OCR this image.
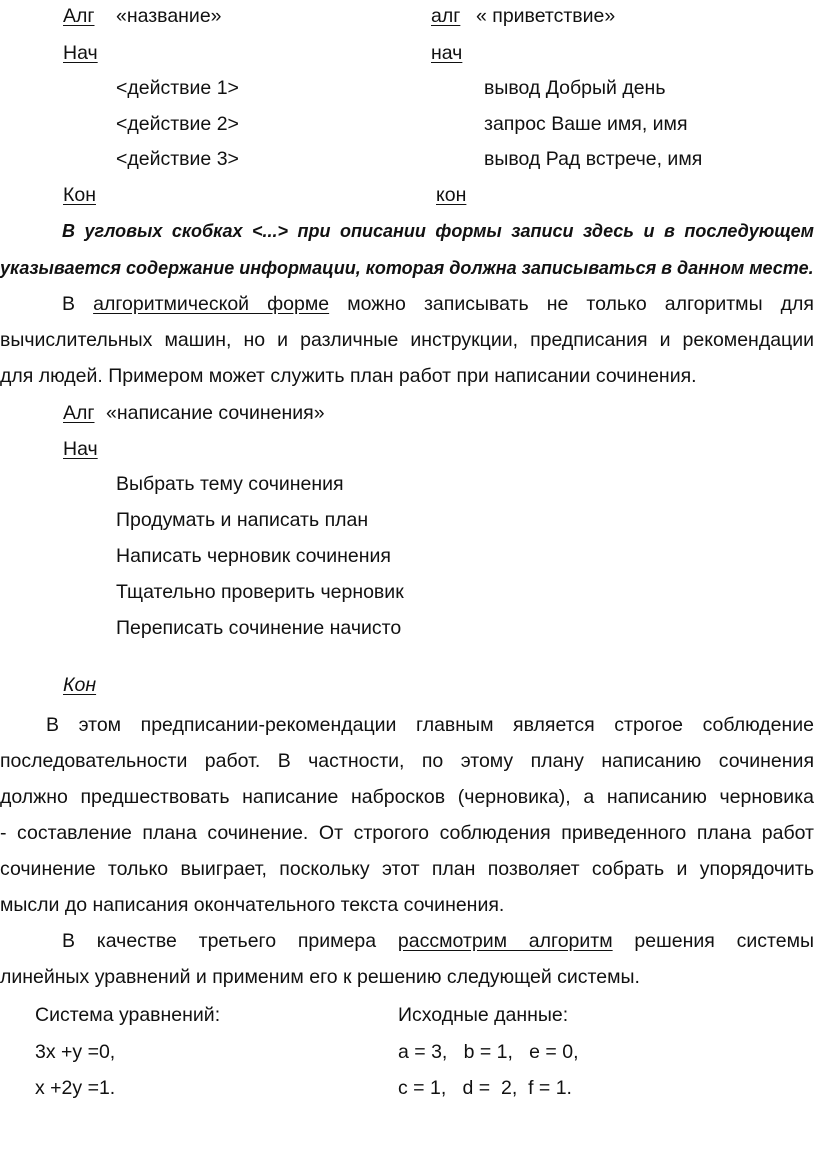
Алг «название»
Нач
<действие 1>
<действие 2>
<действие 3>
Кон
алг « приветствие»
нач
вывод Добрый день
запрос Ваше имя, имя
вывод Рад встрече, имя
кон
В угловых скобках <...> при описании формы записи здесь и в последующем
указывается содержание информации, которая должна записываться в данном месте.
В алгоритмической форме можно записывать не только алгоритмы для
вычислительных машин, но и различные инструкции, предписания и рекомендации
для людей. Примером может служить план работ при написании сочинения.
Алг «написание сочинения»
Нач
Выбрать тему сочинения
Продумать и написать план
Написать черновик сочинения
Тщательно проверить черновик
Переписать сочинение начисто
Кон
В этом предписании-рекомендации главным является строгое соблюдение
последовательности работ. В частности, по этому плану написанию сочинения
должно предшествовать написание набросков (черновика), а написанию черновика
- составление плана сочинение. От строгого соблюдения приведенного плана работ
сочинение только выиграет, поскольку этот план позволяет собрать и упорядочить
мысли до написания окончательного текста сочинения.
В качестве третьего примера рассмотрим алгоритм решения системы
линейных уравнений и применим его к решению следующей системы.
Система уравнений:
3x +y =0,
x +2y =1.
Исходные данные:
a = 3,   b = 1,   e = 0,
c = 1,   d =  2,  f = 1.
